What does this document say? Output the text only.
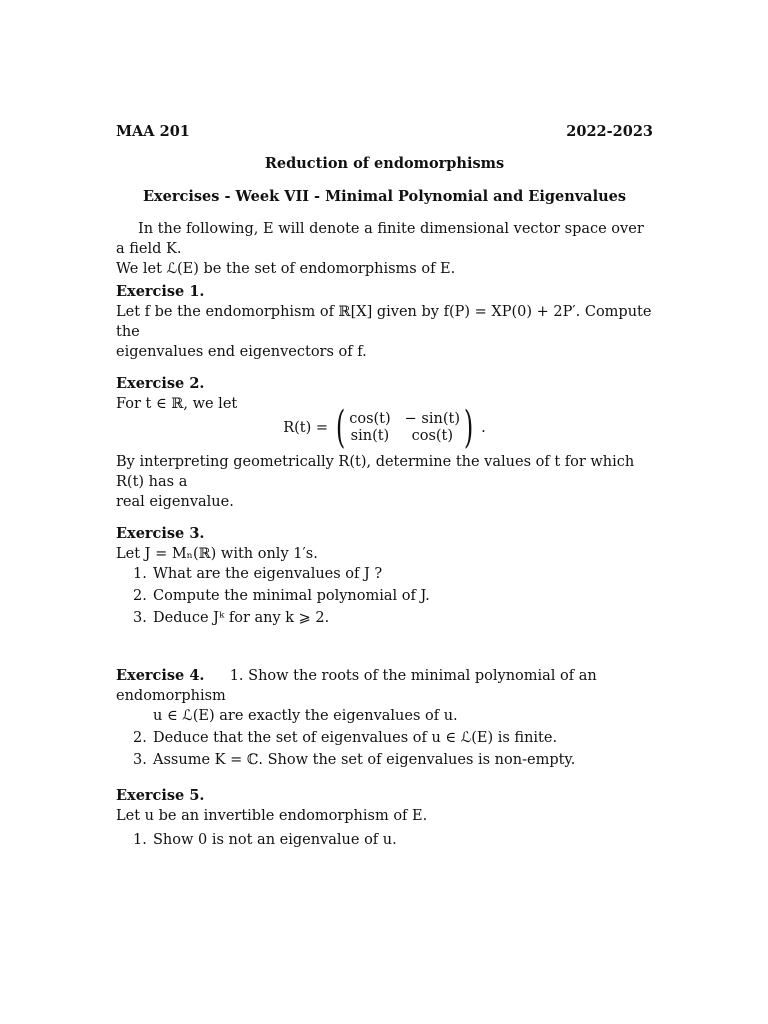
MAA 201	2022-2023
Reduction of endomorphisms
Exercises - Week VII - Minimal Polynomial and Eigenvalues
In the following, E will denote a finite dimensional vector space over a field K.
We let ℒ(E) be the set of endomorphisms of E.
Exercise 1.
Let f be the endomorphism of ℝ[X] given by f(P) = XP(0) + 2P′. Compute the
eigenvalues end eigenvectors of f.
Exercise 2.
For t ∈ ℝ, we let
R(t) = ( cos(t) − sin(t)
sin(t)	cos(t) ) .
By interpreting geometrically R(t), determine the values of t for which R(t) has a
real eigenvalue.
Exercise 3.
Let J = Mₙ(ℝ) with only 1′s.
1. What are the eigenvalues of J ?
2. Compute the minimal polynomial of J.
3. Deduce Jᵏ for any k ⩾ 2.
Exercise 4. 1. Show the roots of the minimal polynomial of an endomorphism
u ∈ ℒ(E) are exactly the eigenvalues of u.
2. Deduce that the set of eigenvalues of u ∈ ℒ(E) is finite.
3. Assume K = ℂ. Show the set of eigenvalues is non-empty.
Exercise 5.
Let u be an invertible endomorphism of E.
1. Show 0 is not an eigenvalue of u.
